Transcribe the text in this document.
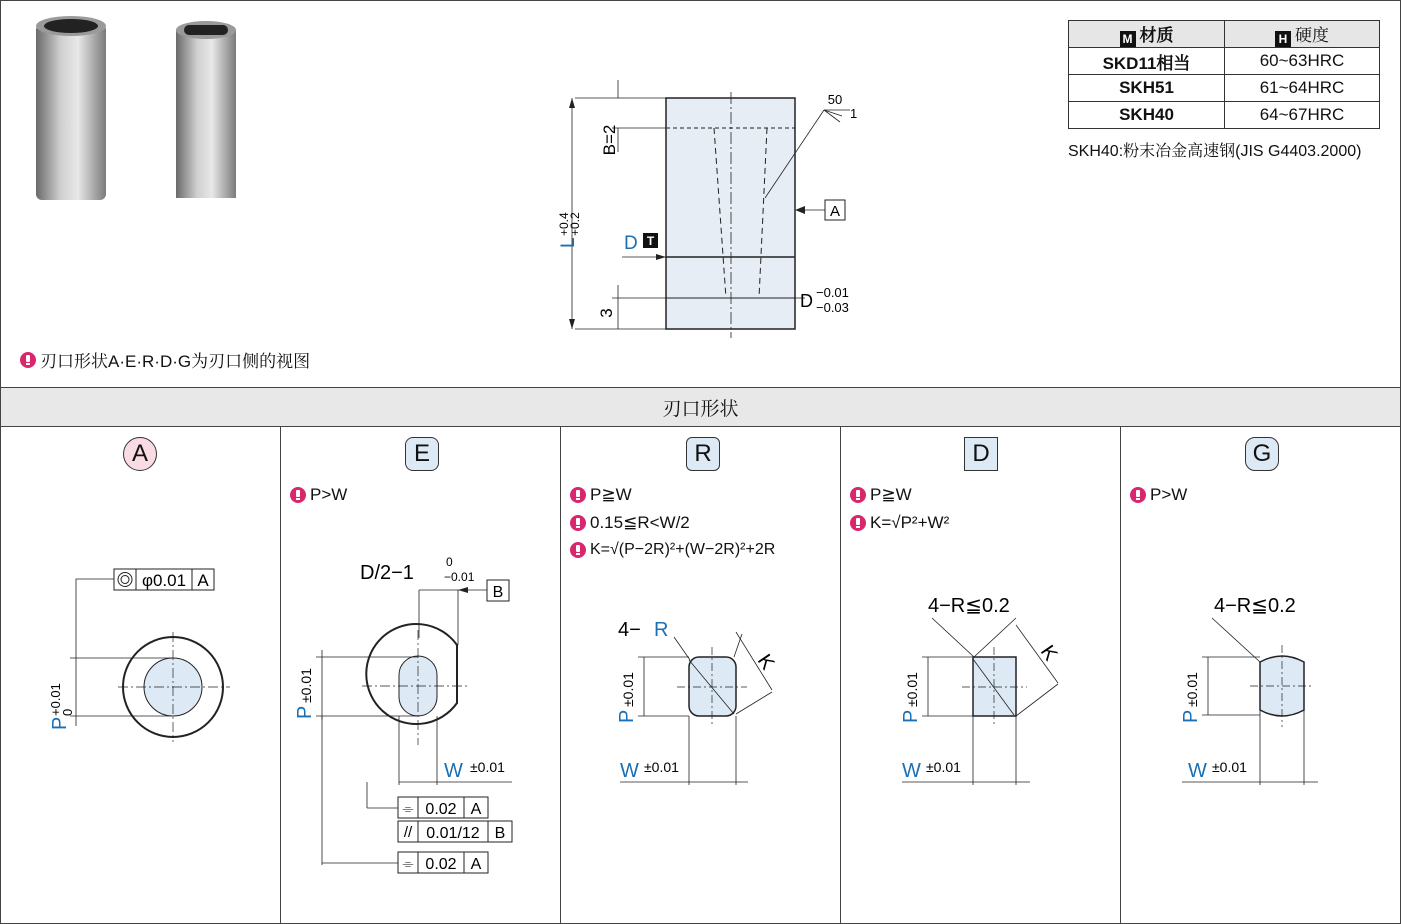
A
50
1
B=2
3
L
+0.4
+0.2
D T
D −0.01
−0.03
M 材质	H 硬度
SKD11相当	60~63HRC
SKH51	61~64HRC
SKH40	64~67HRC
SKH40:粉末冶金高速钢(JIS G4403.2000)
刃口形状A·E·R·D·G为刃口侧的视图
刃口形状
A
φ0.01 A
P
+0.01
0
E
P>W
B
D/2−1	0
−0.01
P
±0.01
W ±0.01
⌯
//
⌯
0.02 A
0.01/12 B
0.02 A
R
P≧W
0.15≦R<W/2
K=√(P−2R)²+(W−2R)²+2R
4− R
K
P
±0.01
W ±0.01
D
P≧W
K=√P²+W²
4−R≦0.2
K
P
±0.01
W ±0.01
G
P>W
4−R≦0.2
P
±0.01
W ±0.01
